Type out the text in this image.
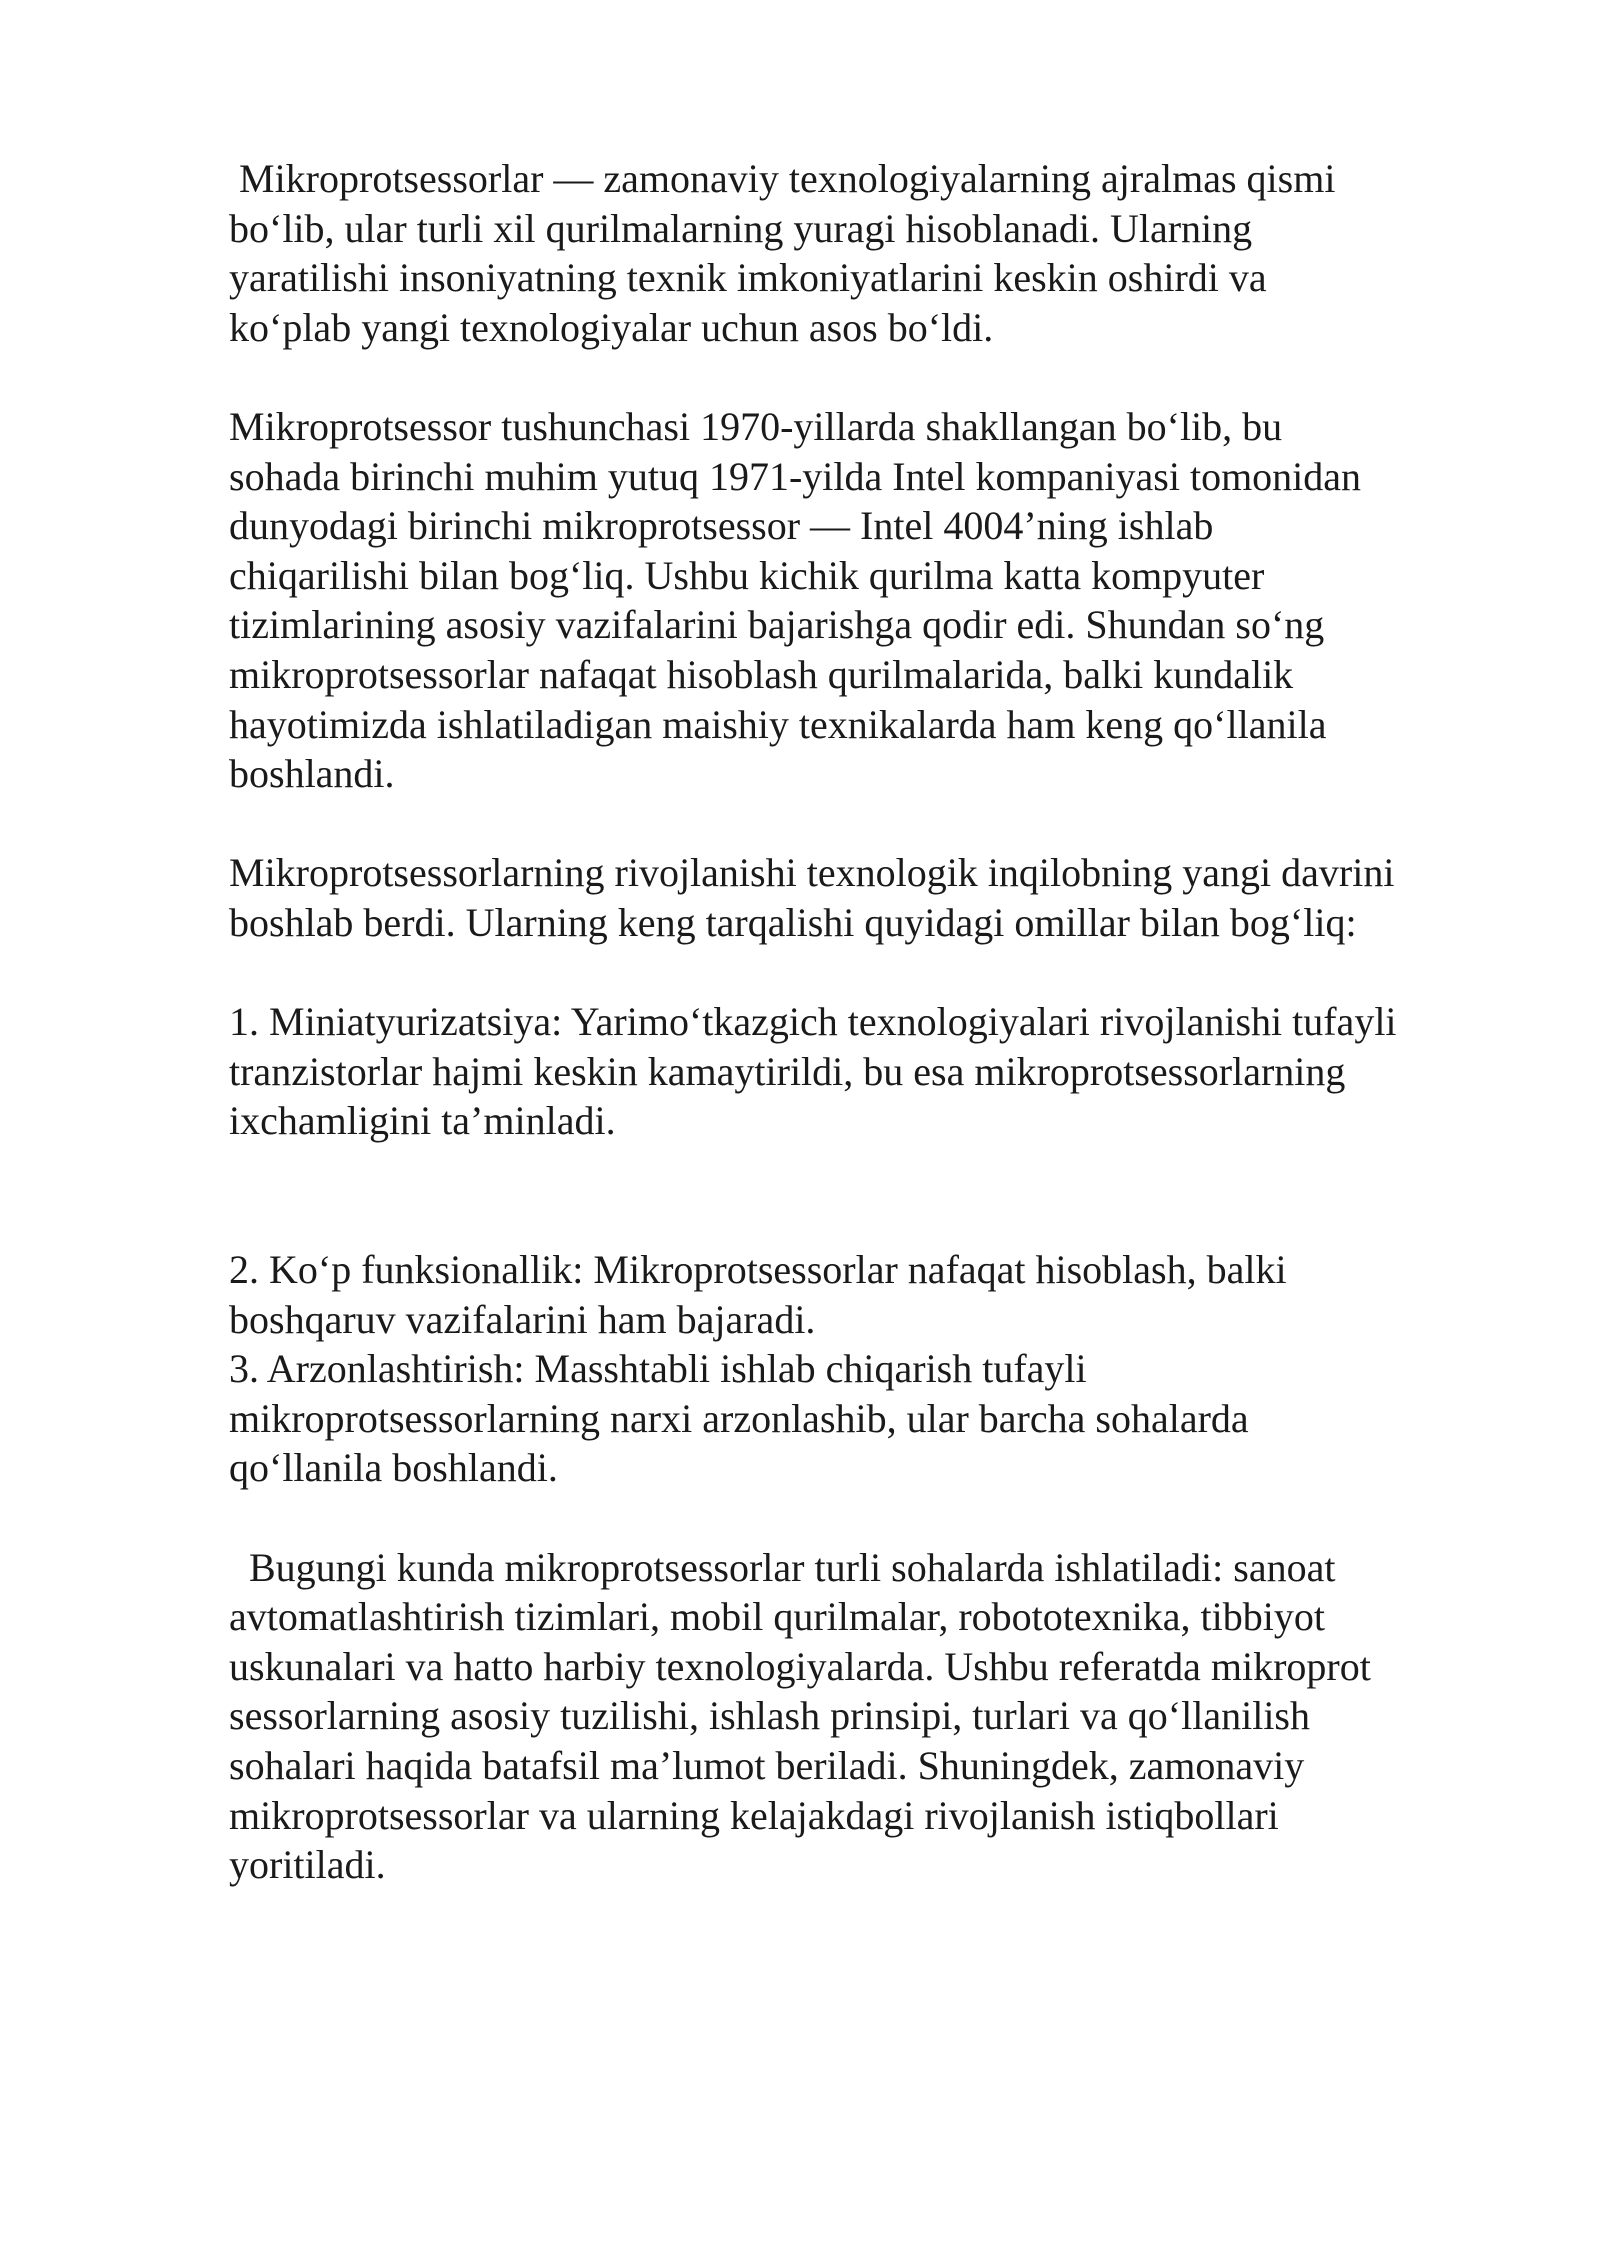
Mikroprotsessorlar — zamonaviy texnologiyalarning ajralmas qismi
bo‘lib, ular turli xil qurilmalarning yuragi hisoblanadi. Ularning
yaratilishi insoniyatning texnik imkoniyatlarini keskin oshirdi va
ko‘plab yangi texnologiyalar uchun asos bo‘ldi.
Mikroprotsessor tushunchasi 1970-yillarda shakllangan bo‘lib, bu
sohada birinchi muhim yutuq 1971-yilda Intel kompaniyasi tomonidan
dunyodagi birinchi mikroprotsessor — Intel 4004’ning ishlab
chiqarilishi bilan bog‘liq. Ushbu kichik qurilma katta kompyuter
tizimlarining asosiy vazifalarini bajarishga qodir edi. Shundan so‘ng
mikroprotsessorlar nafaqat hisoblash qurilmalarida, balki kundalik
hayotimizda ishlatiladigan maishiy texnikalarda ham keng qo‘llanila
boshlandi.
Mikroprotsessorlarning rivojlanishi texnologik inqilobning yangi davrini
boshlab berdi. Ularning keng tarqalishi quyidagi omillar bilan bog‘liq:
1. Miniatyurizatsiya: Yarimo‘tkazgich texnologiyalari rivojlanishi tufayli
tranzistorlar hajmi keskin kamaytirildi, bu esa mikroprotsessorlarning
ixchamligini ta’minladi.
2. Ko‘p funksionallik: Mikroprotsessorlar nafaqat hisoblash, balki
boshqaruv vazifalarini ham bajaradi.
3. Arzonlashtirish: Masshtabli ishlab chiqarish tufayli
mikroprotsessorlarning narxi arzonlashib, ular barcha sohalarda
qo‘llanila boshlandi.
Bugungi kunda mikroprotsessorlar turli sohalarda ishlatiladi: sanoat
avtomatlashtirish tizimlari, mobil qurilmalar, robototexnika, tibbiyot
uskunalari va hatto harbiy texnologiyalarda. Ushbu referatda mikroprot
sessorlarning asosiy tuzilishi, ishlash prinsipi, turlari va qo‘llanilish
sohalari haqida batafsil ma’lumot beriladi. Shuningdek, zamonaviy
mikroprotsessorlar va ularning kelajakdagi rivojlanish istiqbollari
yoritiladi.
